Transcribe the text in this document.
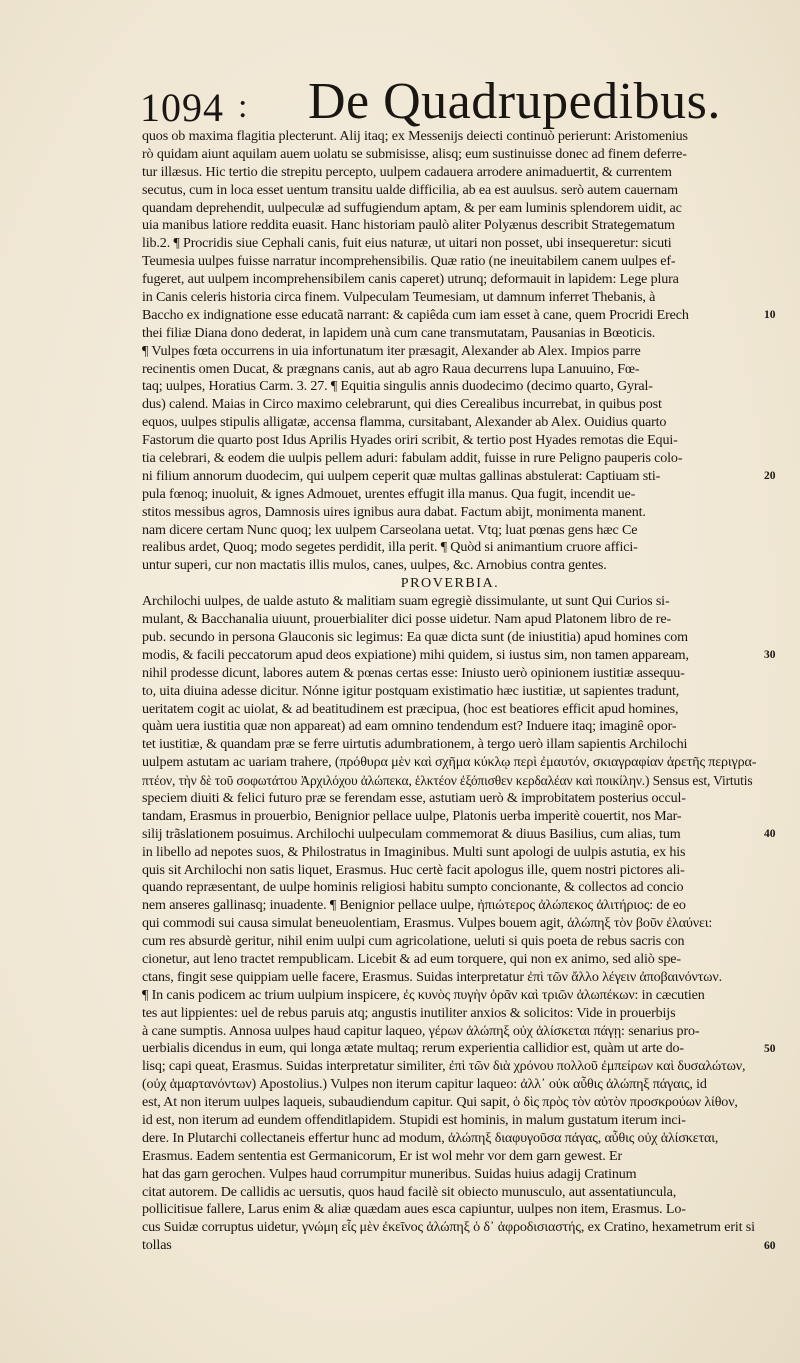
1094 : De Quadrupedibus.
quos ob maxima flagitia plecterunt. Alij itaq; ex Messenijs deiecti continuò perierunt: Aristomenius
rò quidam aiunt aquilam auem uolatu se submisisse, alisq; eum sustinuisse donec ad finem deferre-
tur illæsus. Hic tertio die strepitu percepto, uulpem cadauera arrodere animaduertit, & currentem
secutus, cum in loca esset uentum transitu ualde difficilia, ab ea est auulsus. serò autem cauernam
quandam deprehendit, uulpeculæ ad suffugiendum aptam, & per eam luminis splendorem uidit, ac
uia manibus latiore reddita euasit. Hanc historiam paulò aliter Polyænus describit Strategematum
lib.2. ¶ Procridis siue Cephali canis, fuit eius naturæ, ut uitari non posset, ubi insequeretur: sicuti
Teumesia uulpes fuisse narratur incomprehensibilis. Quæ ratio (ne ineuitabilem canem uulpes ef-
fugeret, aut uulpem incomprehensibilem canis caperet) utrunq; deformauit in lapidem: Lege plura
in Canis celeris historia circa finem. Vulpeculam Teumesiam, ut damnum inferret Thebanis, à
Baccho ex indignatione esse educatã narrant: & capiêda cum iam esset à cane, quem Procridi Erech
thei filiæ Diana dono dederat, in lapidem unà cum cane transmutatam, Pausanias in Bœoticis.
¶ Vulpes fœta occurrens in uia infortunatum iter præsagit, Alexander ab Alex. Impios parre
recinentis omen Ducat, & prægnans canis, aut ab agro Raua decurrens lupa Lanuuino, Fœ-
taq; uulpes, Horatius Carm. 3. 27. ¶ Equitia singulis annis duodecimo (decimo quarto, Gyral-
dus) calend. Maias in Circo maximo celebrarunt, qui dies Cerealibus incurrebat, in quibus post
equos, uulpes stipulis alligatæ, accensa flamma, cursitabant, Alexander ab Alex. Ouidius quarto
Fastorum die quarto post Idus Aprilis Hyades oriri scribit, & tertio post Hyades remotas die Equi-
tia celebrari, & eodem die uulpis pellem aduri: fabulam addit, fuisse in rure Peligno pauperis colo-
ni filium annorum duodecim, qui uulpem ceperit quæ multas gallinas abstulerat: Captiuam sti-
pula fœnoq; inuoluit, & ignes Admouet, urentes effugit illa manus. Qua fugit, incendit ue-
stitos messibus agros, Damnosis uires ignibus aura dabat. Factum abijt, monimenta manent.
nam dicere certam Nunc quoq; lex uulpem Carseolana uetat. Vtq; luat pœnas gens hæc Ce
realibus ardet, Quoq; modo segetes perdidit, illa perit. ¶ Quòd si animantium cruore affici-
untur superi, cur non mactatis illis mulos, canes, uulpes, &c. Arnobius contra gentes.
PROVERBIA.
Archilochi uulpes, de ualde astuto & malitiam suam egregiè dissimulante, ut sunt Qui Curios si-
mulant, & Bacchanalia uiuunt, prouerbialiter dici posse uidetur. Nam apud Platonem libro de re-
pub. secundo in persona Glauconis sic legimus: Ea quæ dicta sunt (de iniustitia) apud homines com
modis, & facili peccatorum apud deos expiatione) mihi quidem, si iustus sim, non tamen appaream,
nihil prodesse dicunt, labores autem & pœnas certas esse: Iniusto uerò opinionem iustitiæ assequu-
to, uita diuina adesse dicitur. Nónne igitur postquam existimatio hæc iustitiæ, ut sapientes tradunt,
ueritatem cogit ac uiolat, & ad beatitudinem est præcipua, (hoc est beatiores efficit apud homines,
quàm uera iustitia quæ non appareat) ad eam omnino tendendum est? Induere itaq; imaginê opor-
tet iustitiæ, & quandam præ se ferre uirtutis adumbrationem, à tergo uerò illam sapientis Archilochi
uulpem astutam ac uariam trahere, (πρόθυρα μὲν καὶ σχῆμα κύκλῳ περὶ ἐμαυτόν, σκιαγραφίαν ἀρετῆς περιγρα-
πτέον, τὴν δὲ τοῦ σοφωτάτου Ἀρχιλόχου ἀλώπεκα, ἑλκτέον ἐξόπισθεν κερδαλέαν καὶ ποικίλην.) Sensus est, Virtutis
speciem diuiti & felici futuro præ se ferendam esse, astutiam uerò & improbitatem posterius occul-
tandam, Erasmus in prouerbio, Benignior pellace uulpe, Platonis uerba imperitè couertit, nos Mar-
silij trãslationem posuimus. Archilochi uulpeculam commemorat & diuus Basilius, cum alias, tum
in libello ad nepotes suos, & Philostratus in Imaginibus. Multi sunt apologi de uulpis astutia, ex his
quis sit Archilochi non satis liquet, Erasmus. Huc certè facit apologus ille, quem nostri pictores ali-
quando repræsentant, de uulpe hominis religiosi habitu sumpto concionante, & collectos ad concio
nem anseres gallinasq; inuadente. ¶ Benignior pellace uulpe, ἠπιώτερος ἀλώπεκος ἀλιτήριος: de eo
qui commodi sui causa simulat beneuolentiam, Erasmus. Vulpes bouem agit, ἀλώπηξ τὸν βοῦν ἐλαύνει:
cum res absurdè geritur, nihil enim uulpi cum agricolatione, ueluti si quis poeta de rebus sacris con
cionetur, aut leno tractet rempublicam. Licebit & ad eum torquere, qui non ex animo, sed aliò spe-
ctans, fingit sese quippiam uelle facere, Erasmus. Suidas interpretatur ἐπὶ τῶν ἄλλο λέγειν ἀποβαινόντων.
¶ In canis podicem ac trium uulpium inspicere, ἐς κυνὸς πυγὴν ὁρᾶν καὶ τριῶν ἀλωπέκων: in cæcutien
tes aut lippientes: uel de rebus paruis atq; angustis inutiliter anxios & solicitos: Vide in prouerbijs
à cane sumptis. Annosa uulpes haud capitur laqueo, γέρων ἀλώπηξ οὐχ ἁλίσκεται πάγῃ: senarius pro-
uerbialis dicendus in eum, qui longa ætate multaq; rerum experientia callidior est, quàm ut arte do-
lisq; capi queat, Erasmus. Suidas interpretatur similiter, ἐπὶ τῶν διὰ χρόνου πολλοῦ ἐμπείρων καὶ δυσαλώτων,
(οὐχ ἁμαρτανόντων) Apostolius.) Vulpes non iterum capitur laqueo: ἀλλ᾽ οὐκ αὖθις ἀλώπηξ πάγαις, id
est, At non iterum uulpes laqueis, subaudiendum capitur. Qui sapit, ὁ δὶς πρὸς τὸν αὐτὸν προσκρούων λίθον,
id est, non iterum ad eundem offenditlapidem. Stupidi est hominis, in malum gustatum iterum inci-
dere. In Plutarchi collectaneis effertur hunc ad modum, ἀλώπηξ διαφυγοῦσα πάγας, αὖθις οὐχ ἁλίσκεται,
Erasmus. Eadem sententia est Germanicorum, Er ist wol mehr vor dem garn gewest. Er
hat das garn gerochen. Vulpes haud corrumpitur muneribus. Suidas huius adagij Cratinum
citat autorem. De callidis ac uersutis, quos haud facilè sit obiecto munusculo, aut assentatiuncula,
pollicitisue fallere, Larus enim & aliæ quædam aues esca capiuntur, uulpes non item, Erasmus. Lo-
cus Suidæ corruptus uidetur, γνώμη εἷς μὲν ἐκεῖνος ἀλώπηξ ὁ δ᾽ ἀφροδισιαστής, ex Cratino, hexametrum erit si
tollas
10
20
30
40
50
60
